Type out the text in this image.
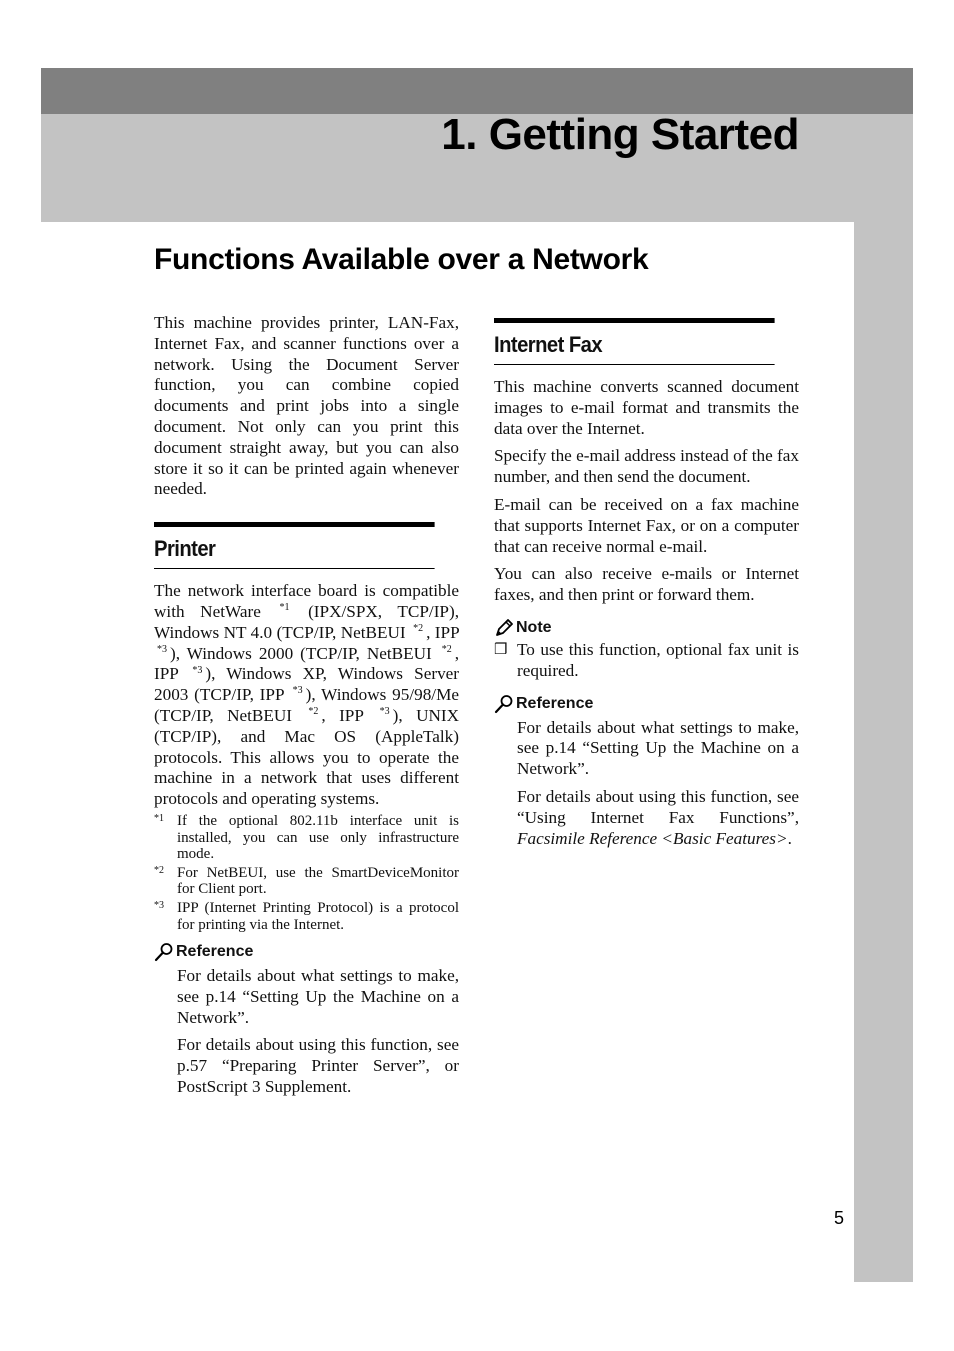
1. Getting Started
Functions Available over a Network

This machine provides printer, LAN-Fax, Internet Fax, and scanner functions over a network. Using the Document Server function, you can combine copied documents and print jobs into a single document. Not only can you print this document straight away, but you can also store it so it can be printed again whenever needed.

Printer

The network interface board is compatible with NetWare $^{*1}$ (IPX/SPX, TCP/IP), Windows NT 4.0 (TCP/IP, NetBEUI $^{*2}$ , IPP $^{*3}$ ), Windows 2000 (TCP/IP, NetBEUI $^{*2}$ , IPP $^{*3}$ ), Windows XP, Windows Server 2003 (TCP/IP, IPP $^{*3}$ ), Windows 95/98/Me (TCP/IP, NetBEUI $^{*2}$ , IPP $^{*3}$ ), UNIX (TCP/IP), and Mac OS (AppleTalk) protocols. This allows you to operate the machine in a network that uses different protocols and operating systems.

*1 If the optional 802.11b interface unit is installed, you can use only infrastructure mode.
*2 For NetBEUI, use the SmartDeviceMonitor for Client port.
*3 IPP (Internet Printing Protocol) is a protocol for printing via the Internet.
Reference

For details about what settings to make, see p.14 “Setting Up the Machine on a Network”.

For details about using this function, see p.57 “Preparing Printer Server”, or PostScript 3 Supplement.

Internet Fax

This machine converts scanned document images to e-mail format and transmits the data over the Internet.

Specify the e-mail address instead of the fax number, and then send the document.

E-mail can be received on a fax machine that supports Internet Fax, or on a computer that can receive normal e-mail.

You can also receive e-mails or Internet faxes, and then print or forward them.

Note
❒ To use this function, optional fax unit is required.

Reference

For details about what settings to make, see p.14 “Setting Up the Machine on a Network”.

For details about using this function, see “Using Internet Fax Functions”, Facsimile Reference <Basic Features>.

5
